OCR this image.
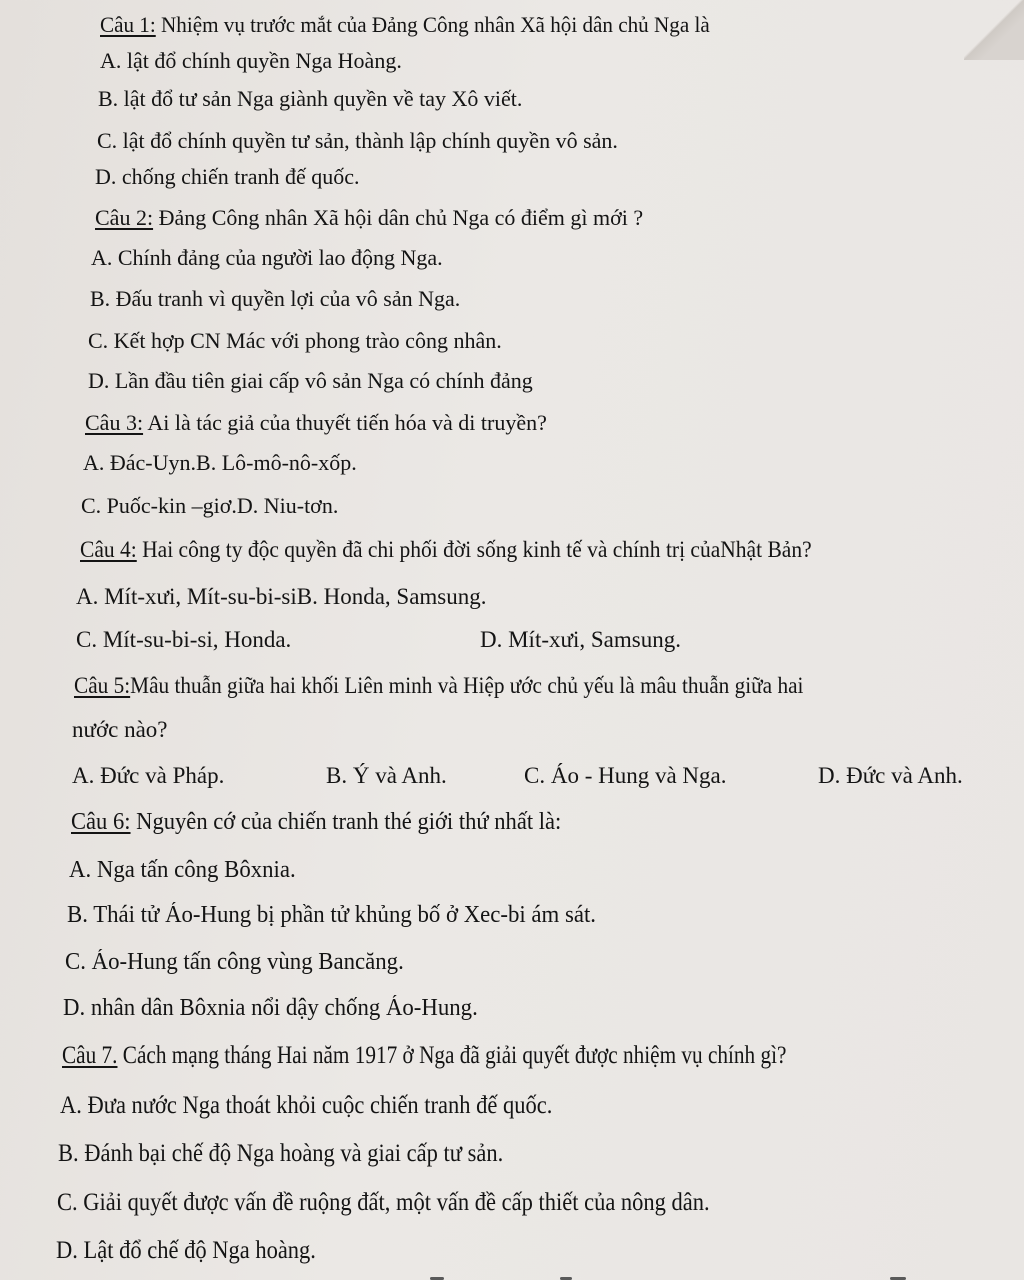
Câu 1: Nhiệm vụ trước mắt của Đảng Công nhân Xã hội dân chủ Nga là
A. lật đổ chính quyền Nga Hoàng.
B. lật đổ tư sản Nga giành quyền về tay Xô viết.
C. lật đổ chính quyền tư sản, thành lập chính quyền vô sản.
D. chống chiến tranh đế quốc.
Câu 2: Đảng Công nhân Xã hội dân chủ Nga có điểm gì mới ?
A. Chính đảng của người lao động Nga.
B. Đấu tranh vì quyền lợi của vô sản Nga.
C. Kết hợp CN Mác với phong trào công nhân.
D. Lần đầu tiên giai cấp vô sản Nga có chính đảng
Câu 3: Ai là tác giả của thuyết tiến hóa và di truyền?
A. Đác-Uyn.B. Lô-mô-nô-xốp.
C. Puốc-kin –giơ.D. Niu-tơn.
Câu 4: Hai công ty độc quyền đã chi phối đời sống kinh tế và chính trị củaNhật Bản?
A. Mít-xưi, Mít-su-bi-siB. Honda, Samsung.
C. Mít-su-bi-si, Honda.	D. Mít-xưi, Samsung.
Câu 5:Mâu thuẫn giữa hai khối Liên minh và Hiệp ước chủ yếu là mâu thuẫn giữa hai
nước nào?
A. Đức và Pháp.	B. Ý và Anh.	C. Áo - Hung và Nga.	D. Đức và Anh.
Câu 6: Nguyên cớ của chiến tranh thé giới thứ nhất là:
A. Nga tấn công Bôxnia.
B. Thái tử Áo-Hung bị phần tử khủng bố ở Xec-bi ám sát.
C. Áo-Hung tấn công vùng Bancăng.
D. nhân dân Bôxnia nổi dậy chống Áo-Hung.
Câu 7. Cách mạng tháng Hai năm 1917 ở Nga đã giải quyết được nhiệm vụ chính gì?
A. Đưa nước Nga thoát khỏi cuộc chiến tranh đế quốc.
B. Đánh bại chế độ Nga hoàng và giai cấp tư sản.
C. Giải quyết được vấn đề ruộng đất, một vấn đề cấp thiết của nông dân.
D. Lật đổ chế độ Nga hoàng.
